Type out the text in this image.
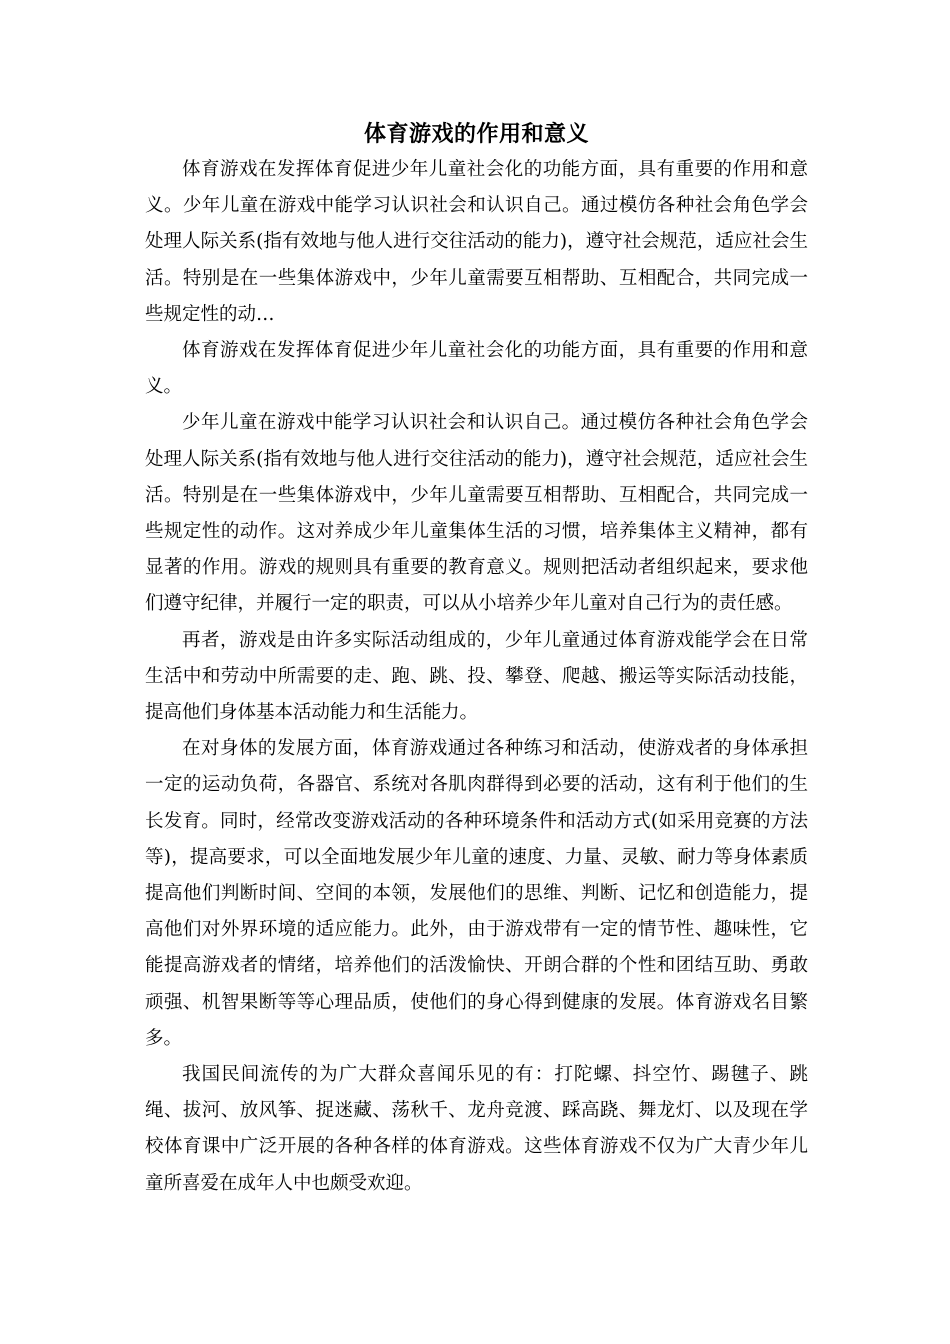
体育游戏的作用和意义

体育游戏在发挥体育促进少年儿童社会化的功能方面，具有重要的作用和意义。少年儿童在游戏中能学习认识社会和认识自己。通过模仿各种社会角色学会处理人际关系(指有效地与他人进行交往活动的能力)，遵守社会规范，适应社会生活。特别是在一些集体游戏中，少年儿童需要互相帮助、互相配合，共同完成一些规定性的动…

体育游戏在发挥体育促进少年儿童社会化的功能方面，具有重要的作用和意义。

少年儿童在游戏中能学习认识社会和认识自己。通过模仿各种社会角色学会处理人际关系(指有效地与他人进行交往活动的能力)，遵守社会规范，适应社会生活。特别是在一些集体游戏中，少年儿童需要互相帮助、互相配合，共同完成一些规定性的动作。这对养成少年儿童集体生活的习惯，培养集体主义精神，都有显著的作用。游戏的规则具有重要的教育意义。规则把活动者组织起来，要求他们遵守纪律，并履行一定的职责，可以从小培养少年儿童对自己行为的责任感。

再者，游戏是由许多实际活动组成的，少年儿童通过体育游戏能学会在日常生活中和劳动中所需要的走、跑、跳、投、攀登、爬越、搬运等实际活动技能，提高他们身体基本活动能力和生活能力。

在对身体的发展方面，体育游戏通过各种练习和活动，使游戏者的身体承担一定的运动负荷，各器官、系统对各肌肉群得到必要的活动，这有利于他们的生长发育。同时，经常改变游戏活动的各种环境条件和活动方式(如采用竞赛的方法等)，提高要求，可以全面地发展少年儿童的速度、力量、灵敏、耐力等身体素质提高他们判断时间、空间的本领，发展他们的思维、判断、记忆和创造能力，提高他们对外界环境的适应能力。此外，由于游戏带有一定的情节性、趣味性，它能提高游戏者的情绪，培养他们的活泼愉快、开朗合群的个性和团结互助、勇敢顽强、机智果断等等心理品质，使他们的身心得到健康的发展。体育游戏名目繁多。

我国民间流传的为广大群众喜闻乐见的有：打陀螺、抖空竹、踢毽子、跳绳、拔河、放风筝、捉迷藏、荡秋千、龙舟竞渡、踩高跷、舞龙灯、以及现在学校体育课中广泛开展的各种各样的体育游戏。这些体育游戏不仅为广大青少年儿童所喜爱在成年人中也颇受欢迎。
